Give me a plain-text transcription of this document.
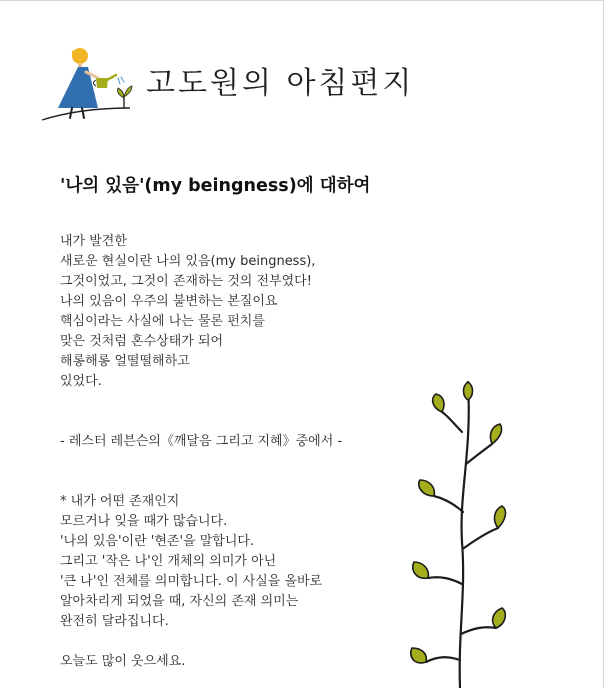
고도원의 아침편지
'나의 있음'(my beingness)에 대하여
내가 발견한
새로운 현실이란 나의 있음(my beingness),
그것이었고, 그것이 존재하는 것의 전부였다!
나의 있음이 우주의 불변하는 본질이요
핵심이라는 사실에 나는 물론 펀치를
맞은 것처럼 혼수상태가 되어
해롱해롱 얼떨떨해하고
있었다.
- 레스터 레븐슨의《깨달음 그리고 지혜》중에서 -
* 내가 어떤 존재인지
모르거나 잊을 때가 많습니다.
'나의 있음'이란 '현존'을 말합니다.
그리고 '작은 나'인 개체의 의미가 아닌
'큰 나'인 전체를 의미합니다. 이 사실을 올바로
알아차리게 되었을 때, 자신의 존재 의미는
완전히 달라집니다.
오늘도 많이 웃으세요.
